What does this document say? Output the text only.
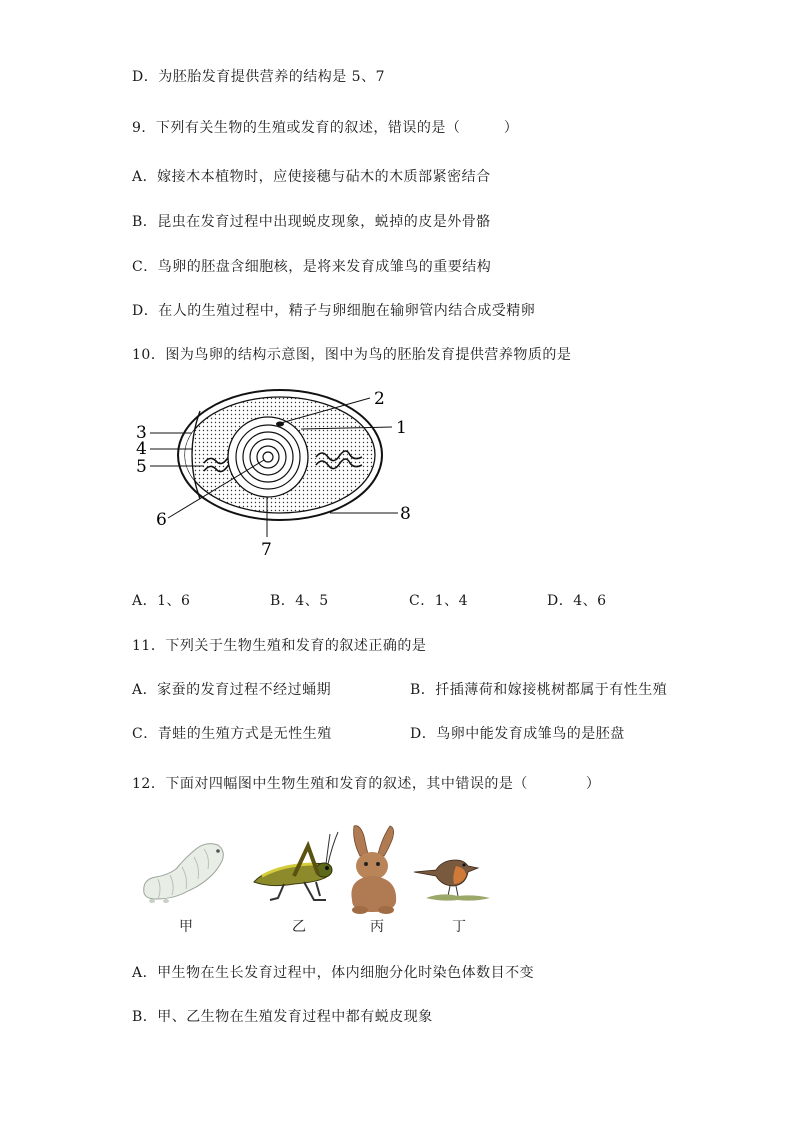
D．为胚胎发育提供营养的结构是 5、7
9．下列有关生物的生殖或发育的叙述，错误的是（　　　）
A．嫁接木本植物时，应使接穗与砧木的木质部紧密结合
B．昆虫在发育过程中出现蜕皮现象，蜕掉的皮是外骨骼
C．鸟卵的胚盘含细胞核，是将来发育成雏鸟的重要结构
D．在人的生殖过程中，精子与卵细胞在输卵管内结合成受精卵
10．图为鸟卵的结构示意图，图中为鸟的胚胎发育提供营养物质的是
2
1
3
4
5
6
7
8
A．1、6	B．4、5	C．1、4	D．4、6
11．下列关于生物生殖和发育的叙述正确的是
A．家蚕的发育过程不经过蛹期	B．扦插薄荷和嫁接桃树都属于有性生殖
C．青蛙的生殖方式是无性生殖	D．鸟卵中能发育成雏鸟的是胚盘
12．下面对四幅图中生物生殖和发育的叙述，其中错误的是（　　　　）
甲	乙	丙	丁
A．甲生物在生长发育过程中，体内细胞分化时染色体数目不变
B．甲、乙生物在生殖发育过程中都有蜕皮现象
